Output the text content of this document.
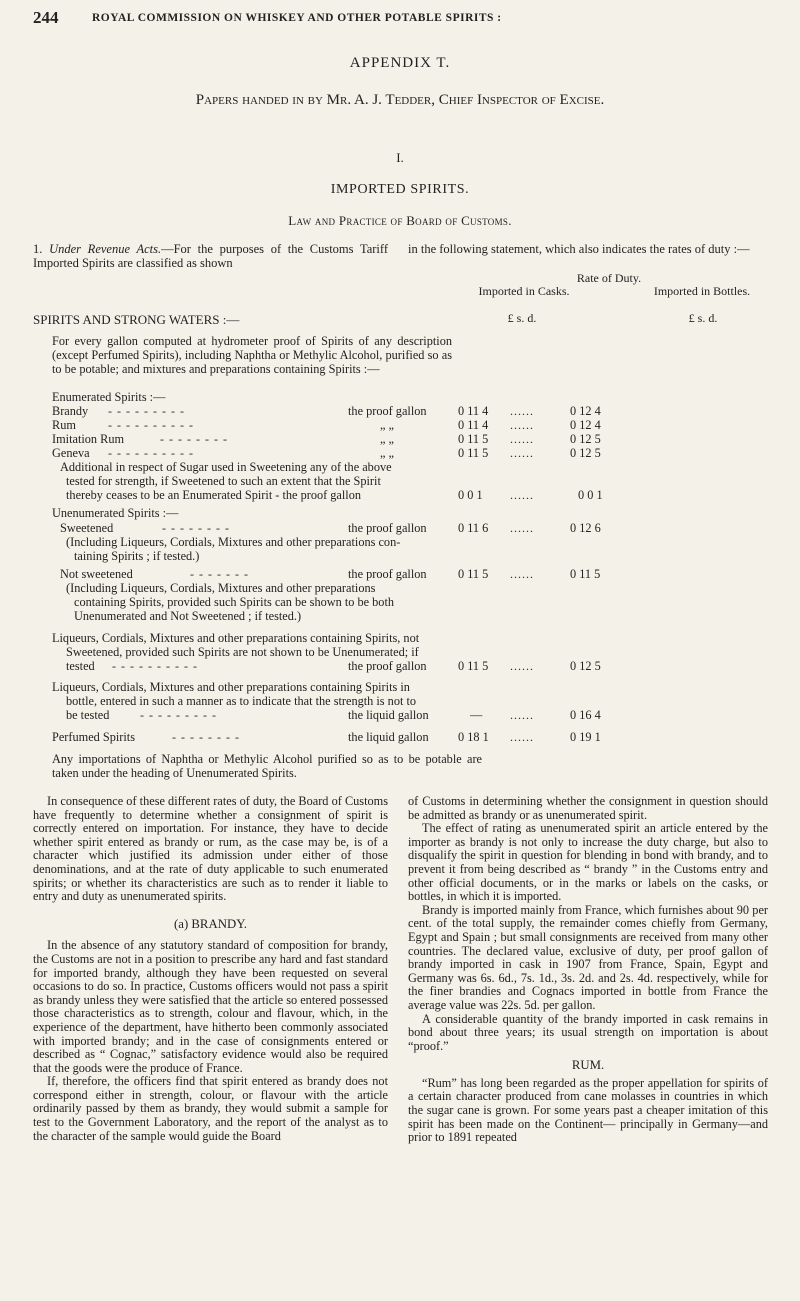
244	ROYAL COMMISSION ON WHISKEY AND OTHER POTABLE SPIRITS :
APPENDIX T.
Papers handed in by Mr. A. J. Tedder, Chief Inspector of Excise.
I.
IMPORTED SPIRITS.
Law and Practice of Board of Customs.
1. Under Revenue Acts.—For the purposes of the Customs Tariff Imported Spirits are classified as shown
in the following statement, which also indicates the rates of duty :—
Rate of Duty.
Imported in Casks.	Imported in Bottles.
£ s. d.	£ s. d.
SPIRITS AND STRONG WATERS :—
For every gallon computed at hydrometer proof of Spirits of any description (except Perfumed Spirits), including Naphtha or Methylic Alcohol, purified so as to be potable; and mixtures and preparations containing Spirits :—
Enumerated Spirits :—
Brandy - - - - - - - - -	the proof gallon	0 11 4 ......	0 12 4
Rum	- - - - - - - - - -	„ „	0 11 4 ......	0 12 4
Imitation Rum	- - - - - - - -	„ „	0 11 5 ......	0 12 5
Geneva - - - - - - - - - -	„ „	0 11 5 ......	0 12 5
Additional in respect of Sugar used in Sweetening any of the above
tested for strength, if Sweetened to such an extent that the Spirit
thereby ceases to be an Enumerated Spirit - the proof gallon	0 0 1 ......	0 0 1
Unenumerated Spirits :—
Sweetened	- - - - - - - -	the proof gallon	0 11 6 ......	0 12 6
(Including Liqueurs, Cordials, Mixtures and other preparations con-
taining Spirits ; if tested.)
Not sweetened	- - - - - - -	the proof gallon	0 11 5 ......	0 11 5
(Including Liqueurs, Cordials, Mixtures and other preparations
containing Spirits, provided such Spirits can be shown to be both
Unenumerated and Not Sweetened ; if tested.)
Liqueurs, Cordials, Mixtures and other preparations containing Spirits, not
Sweetened, provided such Spirits are not shown to be Unenumerated; if
tested - - - - - - - - - -	the proof gallon	0 11 5 ......	0 12 5
Liqueurs, Cordials, Mixtures and other preparations containing Spirits in
bottle, entered in such a manner as to indicate that the strength is not to
be tested	- - - - - - - - -	the liquid gallon	— ......	0 16 4
Perfumed Spirits	- - - - - - - -	the liquid gallon 0 18 1 ......	0 19 1
Any importations of Naphtha or Methylic Alcohol purified so as to be potable are taken under the heading of Unenumerated Spirits.

In consequence of these different rates of duty, the Board of Customs have frequently to determine whether a consignment of spirit is correctly entered on importation. For instance, they have to decide whether spirit entered as brandy or rum, as the case may be, is of a character which justified its admission under either of those denominations, and at the rate of duty applicable to such enumerated spirits; or whether its characteristics are such as to render it liable to entry and duty as unenumerated spirits.

(a) BRANDY.

In the absence of any statutory standard of composition for brandy, the Customs are not in a position to prescribe any hard and fast standard for imported brandy, although they have been requested on several occasions to do so. In practice, Customs officers would not pass a spirit as brandy unless they were satisfied that the article so entered possessed those characteristics as to strength, colour and flavour, which, in the experience of the department, have hitherto been commonly associated with imported brandy; and in the case of consignments entered or described as “ Cognac,” satisfactory evidence would also be required that the goods were the produce of France.

If, therefore, the officers find that spirit entered as brandy does not correspond either in strength, colour, or flavour with the article ordinarily passed by them as brandy, they would submit a sample for test to the Government Laboratory, and the report of the analyst as to the character of the sample would guide the Board

of Customs in determining whether the consignment in question should be admitted as brandy or as unenumerated spirit.

The effect of rating as unenumerated spirit an article entered by the importer as brandy is not only to increase the duty charge, but also to disqualify the spirit in question for blending in bond with brandy, and to prevent it from being described as “ brandy ” in the Customs entry and other official documents, or in the marks or labels on the casks, or bottles, in which it is imported.

Brandy is imported mainly from France, which furnishes about 90 per cent. of the total supply, the remainder comes chiefly from Germany, Egypt and Spain ; but small consignments are received from many other countries. The declared value, exclusive of duty, per proof gallon of brandy imported in cask in 1907 from France, Spain, Egypt and Germany was 6s. 6d., 7s. 1d., 3s. 2d. and 2s. 4d. respectively, while for the finer brandies and Cognacs imported in bottle from France the average value was 22s. 5d. per gallon.

A considerable quantity of the brandy imported in cask remains in bond about three years; its usual strength on importation is about “proof.”

RUM.

“Rum” has long been regarded as the proper appellation for spirits of a certain character produced from cane molasses in countries in which the sugar cane is grown. For some years past a cheaper imitation of this spirit has been made on the Continent— principally in Germany—and prior to 1891 repeated
